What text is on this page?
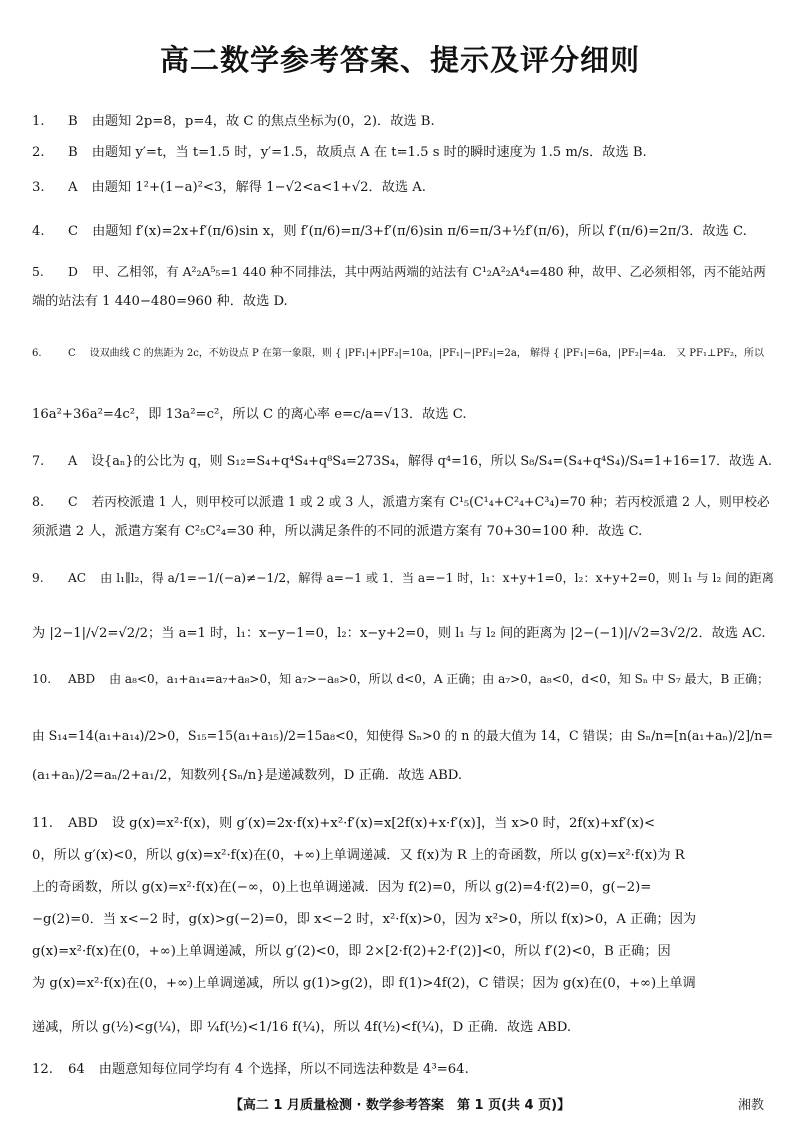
高二数学参考答案、提示及评分细则
1. B 由题知 2p=8，p=4，故 C 的焦点坐标为(0，2)．故选 B.
2. B 由题知 y′=t，当 t=1.5 时，y′=1.5，故质点 A 在 t=1.5 s 时的瞬时速度为 1.5 m/s．故选 B.
3. A 由题知 1²+(1−a)²<3，解得 1−√2<a<1+√2．故选 A.
4. C 由题知 f′(x)=2x+f′(π/6)sin x，则 f′(π/6)=π/3+f′(π/6)sin π/6=π/3+½f′(π/6)，所以 f′(π/6)=2π/3．故选 C.
5. D 甲、乙相邻，有 A²₂A⁵₅=1 440 种不同排法，其中两站两端的站法有 C¹₂A²₂A⁴₄=480 种，故甲、乙必须相邻，丙不能站两
端的站法有 1 440−480=960 种．故选 D.
6.	C 设双曲线 C 的焦距为 2c，不妨设点 P 在第一象限，则 { |PF₁|+|PF₂|=10a，|PF₁|−|PF₂|=2a， 解得 { |PF₁|=6a，|PF₂|=4a． 又 PF₁⊥PF₂，所以
16a²+36a²=4c²，即 13a²=c²，所以 C 的离心率 e=c/a=√13．故选 C.
7. A 设{aₙ}的公比为 q，则 S₁₂=S₄+q⁴S₄+q⁸S₄=273S₄，解得 q⁴=16，所以 S₈/S₄=(S₄+q⁴S₄)/S₄=1+16=17．故选 A.
8. C 若丙校派遣 1 人，则甲校可以派遣 1 或 2 或 3 人，派遣方案有 C¹₅(C¹₄+C²₄+C³₄)=70 种；若丙校派遣 2 人，则甲校必
须派遣 2 人，派遣方案有 C²₅C²₄=30 种，所以满足条件的不同的派遣方案有 70+30=100 种．故选 C.
9. AC 由 l₁∥l₂，得 a/1=−1/(−a)≠−1/2，解得 a=−1 或 1．当 a=−1 时，l₁：x+y+1=0，l₂：x+y+2=0，则 l₁ 与 l₂ 间的距离
为 |2−1|/√2=√2/2；当 a=1 时，l₁：x−y−1=0，l₂：x−y+2=0，则 l₁ 与 l₂ 间的距离为 |2−(−1)|/√2=3√2/2．故选 AC.
10. ABD 由 a₈<0，a₁+a₁₄=a₇+a₈>0，知 a₇>−a₈>0，所以 d<0，A 正确；由 a₇>0，a₈<0，d<0，知 Sₙ 中 S₇ 最大，B 正确；
由 S₁₄=14(a₁+a₁₄)/2>0，S₁₅=15(a₁+a₁₅)/2=15a₈<0，知使得 Sₙ>0 的 n 的最大值为 14，C 错误；由 Sₙ/n=[n(a₁+aₙ)/2]/n=
(a₁+aₙ)/2=aₙ/2+a₁/2，知数列{Sₙ/n}是递减数列，D 正确．故选 ABD.
11. ABD 设 g(x)=x²·f(x)，则 g′(x)=2x·f(x)+x²·f′(x)=x[2f(x)+x·f′(x)]，当 x>0 时，2f(x)+xf′(x)<
0，所以 g′(x)<0，所以 g(x)=x²·f(x)在(0，+∞)上单调递减．又 f(x)为 R 上的奇函数，所以 g(x)=x²·f(x)为 R
上的奇函数，所以 g(x)=x²·f(x)在(−∞，0)上也单调递减．因为 f(2)=0，所以 g(2)=4·f(2)=0，g(−2)=
−g(2)=0．当 x<−2 时，g(x)>g(−2)=0，即 x<−2 时，x²·f(x)>0，因为 x²>0，所以 f(x)>0，A 正确；因为
g(x)=x²·f(x)在(0，+∞)上单调递减，所以 g′(2)<0，即 2×[2·f(2)+2·f′(2)]<0，所以 f′(2)<0，B 正确；因
为 g(x)=x²·f(x)在(0，+∞)上单调递减，所以 g(1)>g(2)，即 f(1)>4f(2)，C 错误；因为 g(x)在(0，+∞)上单调
递减，所以 g(½)<g(¼)，即 ¼f(½)<1/16 f(¼)，所以 4f(½)<f(¼)，D 正确．故选 ABD.
12. 64 由题意知每位同学均有 4 个选择，所以不同选法种数是 4³=64.
【高二 1 月质量检测 · 数学参考答案　第 1 页(共 4 页)】	湘教
